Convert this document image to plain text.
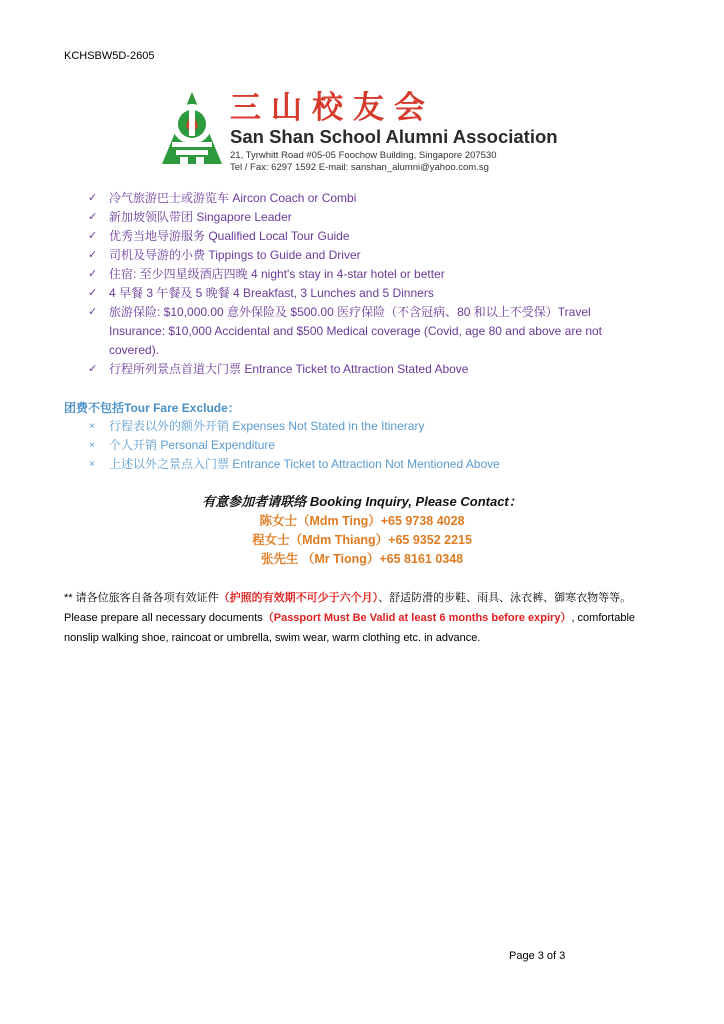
KCHSBW5D-2605
三山校友会
San Shan School Alumni Association
21, Tyrwhitt Road #05-05 Foochow Building, Singapore 207530
Tel / Fax: 6297 1592 E-mail: sanshan_alumni@yahoo.com.sg
✓ 冷气旅游巴士或游览车 Aircon Coach or Combi
✓ 新加坡领队带团 Singapore Leader
✓ 优秀当地导游服务 Qualified Local Tour Guide
✓ 司机及导游的小费 Tippings to Guide and Driver
✓ 住宿: 至少四星级酒店四晚 4 night's stay in 4-star hotel or better
✓ 4 早餐 3 午餐及 5 晚餐 4 Breakfast, 3 Lunches and 5 Dinners
✓ 旅游保险: $10,000.00 意外保险及 $500.00 医疗保险（不含冠病、80 和以上不受保）Travel Insurance: $10,000 Accidental and $500 Medical coverage (Covid, age 80 and above are not covered).
✓ 行程所列景点首道大门票 Entrance Ticket to Attraction Stated Above
团费不包括Tour Fare Exclude：
× 行程表以外的额外开销 Expenses Not Stated in the Itinerary
× 个人开销 Personal Expenditure
× 上述以外之景点入门票 Entrance Ticket to Attraction Not Mentioned Above
有意参加者请联络 Booking Inquiry, Please Contact：
陈女士（Mdm Ting）+65 9738 4028
程女士（Mdm Thiang）+65 9352 2215
张先生 （Mr Tiong）+65 8161 0348
** 请各位旅客自备各项有效证件（护照的有效期不可少于六个月）、舒适防滑的步鞋、雨具、泳衣裤、御寒衣物等等。Please prepare all necessary documents（Passport Must Be Valid at least 6 months before expiry）, comfortable nonslip walking shoe, raincoat or umbrella, swim wear, warm clothing etc. in advance.
Page 3 of 3
